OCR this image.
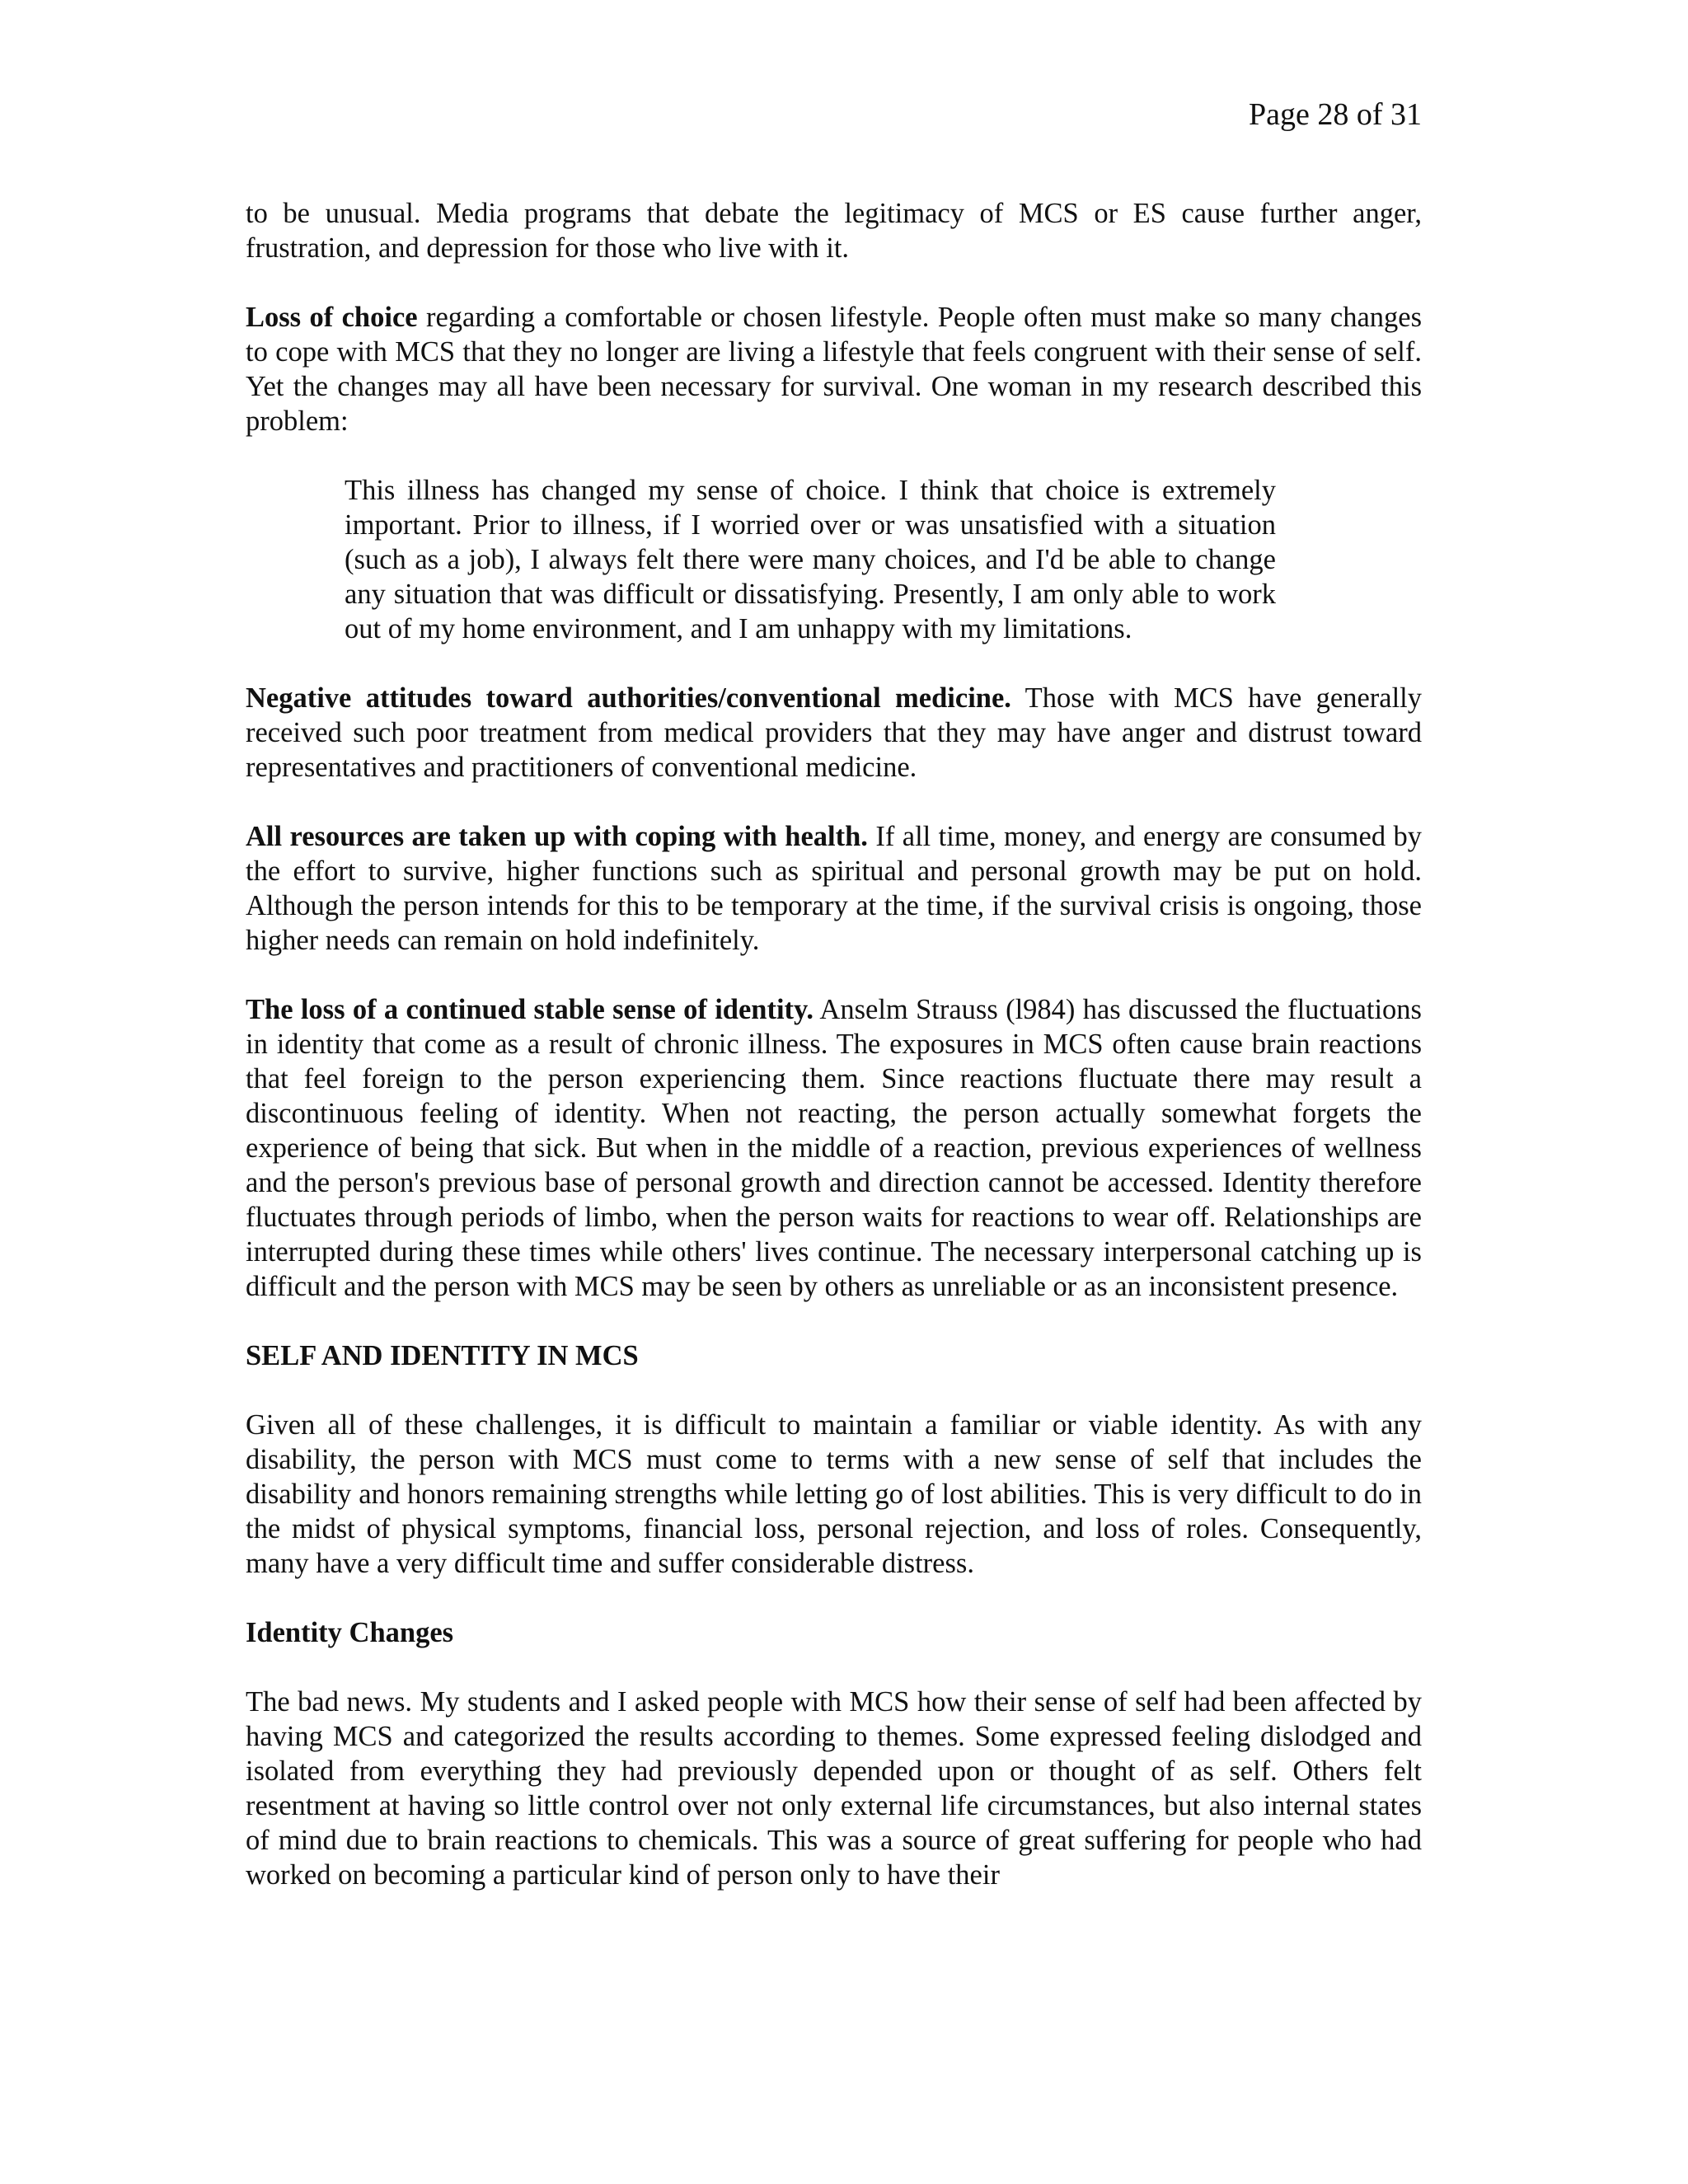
Page 28 of 31

to be unusual. Media programs that debate the legitimacy of MCS or ES cause further anger, frustration, and depression for those who live with it.

Loss of choice regarding a comfortable or chosen lifestyle. People often must make so many changes to cope with MCS that they no longer are living a lifestyle that feels congruent with their sense of self. Yet the changes may all have been necessary for survival. One woman in my research described this problem:

This illness has changed my sense of choice. I think that choice is extremely important. Prior to illness, if I worried over or was unsatisfied with a situation (such as a job), I always felt there were many choices, and I'd be able to change any situation that was difficult or dissatisfying. Presently, I am only able to work out of my home environment, and I am unhappy with my limitations.

Negative attitudes toward authorities/conventional medicine. Those with MCS have generally received such poor treatment from medical providers that they may have anger and distrust toward representatives and practitioners of conventional medicine.

All resources are taken up with coping with health. If all time, money, and energy are consumed by the effort to survive, higher functions such as spiritual and personal growth may be put on hold. Although the person intends for this to be temporary at the time, if the survival crisis is ongoing, those higher needs can remain on hold indefinitely.

The loss of a continued stable sense of identity. Anselm Strauss (l984) has discussed the fluctuations in identity that come as a result of chronic illness. The exposures in MCS often cause brain reactions that feel foreign to the person experiencing them. Since reactions fluctuate there may result a discontinuous feeling of identity. When not reacting, the person actually somewhat forgets the experience of being that sick. But when in the middle of a reaction, previous experiences of wellness and the person's previous base of personal growth and direction cannot be accessed. Identity therefore fluctuates through periods of limbo, when the person waits for reactions to wear off. Relationships are interrupted during these times while others' lives continue. The necessary interpersonal catching up is difficult and the person with MCS may be seen by others as unreliable or as an inconsistent presence.

SELF AND IDENTITY IN MCS

Given all of these challenges, it is difficult to maintain a familiar or viable identity. As with any disability, the person with MCS must come to terms with a new sense of self that includes the disability and honors remaining strengths while letting go of lost abilities. This is very difficult to do in the midst of physical symptoms, financial loss, personal rejection, and loss of roles. Consequently, many have a very difficult time and suffer considerable distress.

Identity Changes

The bad news. My students and I asked people with MCS how their sense of self had been affected by having MCS and categorized the results according to themes. Some expressed feeling dislodged and isolated from everything they had previously depended upon or thought of as self. Others felt resentment at having so little control over not only external life circumstances, but also internal states of mind due to brain reactions to chemicals. This was a source of great suffering for people who had worked on becoming a particular kind of person only to have their
